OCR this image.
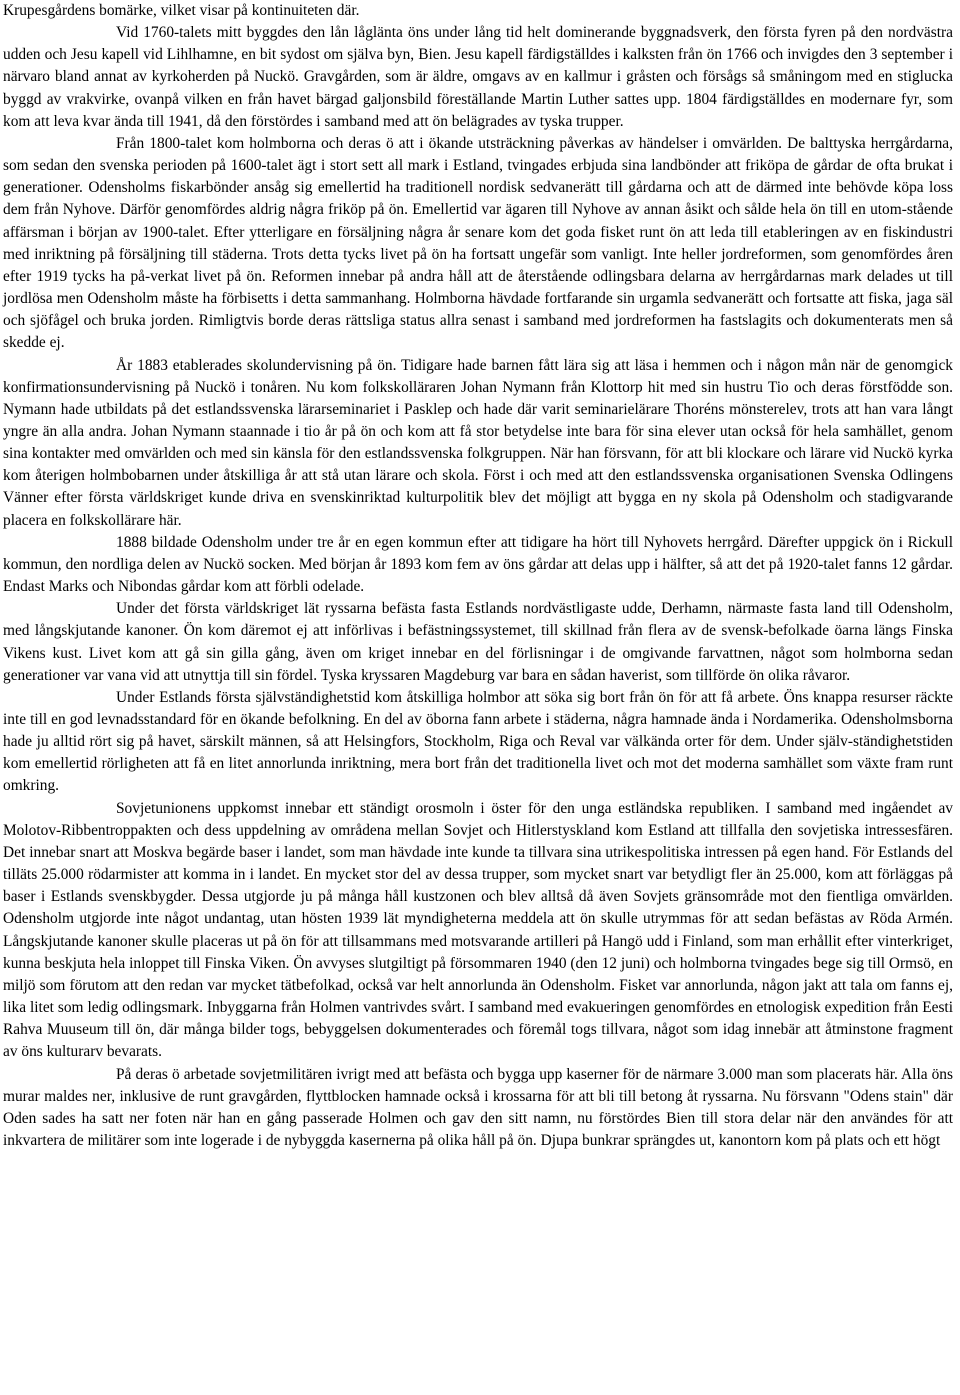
Krupesgårdens bomärke, vilket visar på kontinuiteten där.

Vid 1760-talets mitt byggdes den lån låglänta öns under lång tid helt dominerande byggnadsverk, den första fyren på den nordvästra udden och Jesu kapell vid Lihlhamne, en bit sydost om själva byn, Bien. Jesu kapell färdigställdes i kalksten från ön 1766 och invigdes den 3 september i närvaro bland annat av kyrkoherden på Nuckö. Gravgården, som är äldre, omgavs av en kallmur i gråsten och försågs så småningom med en stiglucka byggd av vrakvirke, ovanpå vilken en från havet bärgad galjonsbild föreställande Martin Luther sattes upp. 1804 färdigställdes en modernare fyr, som kom att leva kvar ända till 1941, då den förstördes i samband med att ön belägrades av tyska trupper.

Från 1800-talet kom holmborna och deras ö att i ökande utsträckning påverkas av händelser i omvärlden. De balttyska herrgårdarna, som sedan den svenska perioden på 1600-talet ägt i stort sett all mark i Estland, tvingades erbjuda sina landbönder att friköpa de gårdar de ofta brukat i generationer. Odensholms fiskarbönder ansåg sig emellertid ha traditionell nordisk sedvanerätt till gårdarna och att de därmed inte behövde köpa loss dem från Nyhove. Därför genomfördes aldrig några friköp på ön. Emellertid var ägaren till Nyhove av annan åsikt och sålde hela ön till en utom-stående affärsman i början av 1900-talet. Efter ytterligare en försäljning några år senare kom det goda fisket runt ön att leda till etableringen av en fiskindustri med inriktning på försäljning till städerna. Trots detta tycks livet på ön ha fortsatt ungefär som vanligt. Inte heller jordreformen, som genomfördes åren efter 1919 tycks ha på-verkat livet på ön. Reformen innebar på andra håll att de återstående odlingsbara delarna av herrgårdarnas mark delades ut till jordlösa men Odensholm måste ha förbisetts i detta sammanhang. Holmborna hävdade fortfarande sin urgamla sedvanerätt och fortsatte att fiska, jaga säl och sjöfågel och bruka jorden. Rimligtvis borde deras rättsliga status allra senast i samband med jordreformen ha fastslagits och dokumenterats men så skedde ej.

År 1883 etablerades skolundervisning på ön. Tidigare hade barnen fått lära sig att läsa i hemmen och i någon mån när de genomgick konfirmationsundervisning på Nuckö i tonåren. Nu kom folkskolläraren Johan Nymann från Klottorp hit med sin hustru Tio och deras förstfödde son. Nymann hade utbildats på det estlandssvenska lärarseminariet i Pasklep och hade där varit seminarielärare Thoréns mönsterelev, trots att han vara långt yngre än alla andra. Johan Nymann staannade i tio år på ön och kom att få stor betydelse inte bara för sina elever utan också för hela samhället, genom sina kontakter med omvärlden och med sin känsla för den estlandssvenska folkgruppen. När han försvann, för att bli klockare och lärare vid Nuckö kyrka kom återigen holmbobarnen under åtskilliga år att stå utan lärare och skola. Först i och med att den estlandssvenska organisationen Svenska Odlingens Vänner efter första världskriget kunde driva en svenskinriktad kulturpolitik blev det möjligt att bygga en ny skola på Odensholm och stadigvarande placera en folkskollärare här.

1888 bildade Odensholm under tre år en egen kommun efter att tidigare ha hört till Nyhovets herrgård. Därefter uppgick ön i Rickull kommun, den nordliga delen av Nuckö socken. Med början år 1893 kom fem av öns gårdar att delas upp i hälfter, så att det på 1920-talet fanns 12 gårdar. Endast Marks och Nibondas gårdar kom att förbli odelade.

Under det första världskriget lät ryssarna befästa fasta Estlands nordvästligaste udde, Derhamn, närmaste fasta land till Odensholm, med långskjutande kanoner. Ön kom däremot ej att införlivas i befästningssystemet, till skillnad från flera av de svensk-befolkade öarna längs Finska Vikens kust. Livet kom att gå sin gilla gång, även om kriget innebar en del förlisningar i de omgivande farvattnen, något som holmborna sedan generationer var vana vid att utnyttja till sin fördel. Tyska kryssaren Magdeburg var bara en sådan haverist, som tillförde ön olika råvaror.

Under Estlands första självständighetstid kom åtskilliga holmbor att söka sig bort från ön för att få arbete. Öns knappa resurser räckte inte till en god levnadsstandard för en ökande befolkning. En del av öborna fann arbete i städerna, några hamnade ända i Nordamerika. Odensholmsborna hade ju alltid rört sig på havet, särskilt männen, så att Helsingfors, Stockholm, Riga och Reval var välkända orter för dem. Under själv-ständighetstiden kom emellertid rörligheten att få en litet annorlunda inriktning, mera bort från det traditionella livet och mot det moderna samhället som växte fram runt omkring.

Sovjetunionens uppkomst innebar ett ständigt orosmoln i öster för den unga estländska republiken. I samband med ingåendet av Molotov-Ribbentroppakten och dess uppdelning av områdena mellan Sovjet och Hitlerstyskland kom Estland att tillfalla den sovjetiska intressesfären. Det innebar snart att Moskva begärde baser i landet, som man hävdade inte kunde ta tillvara sina utrikespolitiska intressen på egen hand. För Estlands del tilläts 25.000 rödarmister att komma in i landet. En mycket stor del av dessa trupper, som mycket snart var betydligt fler än 25.000, kom att förläggas på baser i Estlands svenskbygder. Dessa utgjorde ju på många håll kustzonen och blev alltså då även Sovjets gränsområde mot den fientliga omvärlden. Odensholm utgjorde inte något undantag, utan hösten 1939 lät myndigheterna meddela att ön skulle utrymmas för att sedan befästas av Röda Armén. Långskjutande kanoner skulle placeras ut på ön för att tillsammans med motsvarande artilleri på Hangö udd i Finland, som man erhållit efter vinterkriget, kunna beskjuta hela inloppet till Finska Viken. Ön avvyses slutgiltigt på försommaren 1940 (den 12 juni) och holmborna tvingades bege sig till Ormsö, en miljö som förutom att den redan var mycket tätbefolkad, också var helt annorlunda än Odensholm. Fisket var annorlunda, någon jakt att tala om fanns ej, lika litet som ledig odlingsmark. Inbyggarna från Holmen vantrivdes svårt. I samband med evakueringen genomfördes en etnologisk expedition från Eesti Rahva Muuseum till ön, där många bilder togs, bebyggelsen dokumenterades och föremål togs tillvara, något som idag innebär att åtminstone fragment av öns kulturarv bevarats.

På deras ö arbetade sovjetmilitären ivrigt med att befästa och bygga upp kaserner för de närmare 3.000 man som placerats här. Alla öns murar maldes ner, inklusive de runt gravgården, flyttblocken hamnade också i krossarna för att bli till betong åt ryssarna. Nu försvann "Odens stain" där Oden sades ha satt ner foten när han en gång passerade Holmen och gav den sitt namn, nu förstördes Bien till stora delar när den användes för att inkvartera de militärer som inte logerade i de nybyggda kasernerna på olika håll på ön. Djupa bunkrar sprängdes ut, kanontorn kom på plats och ett högt
